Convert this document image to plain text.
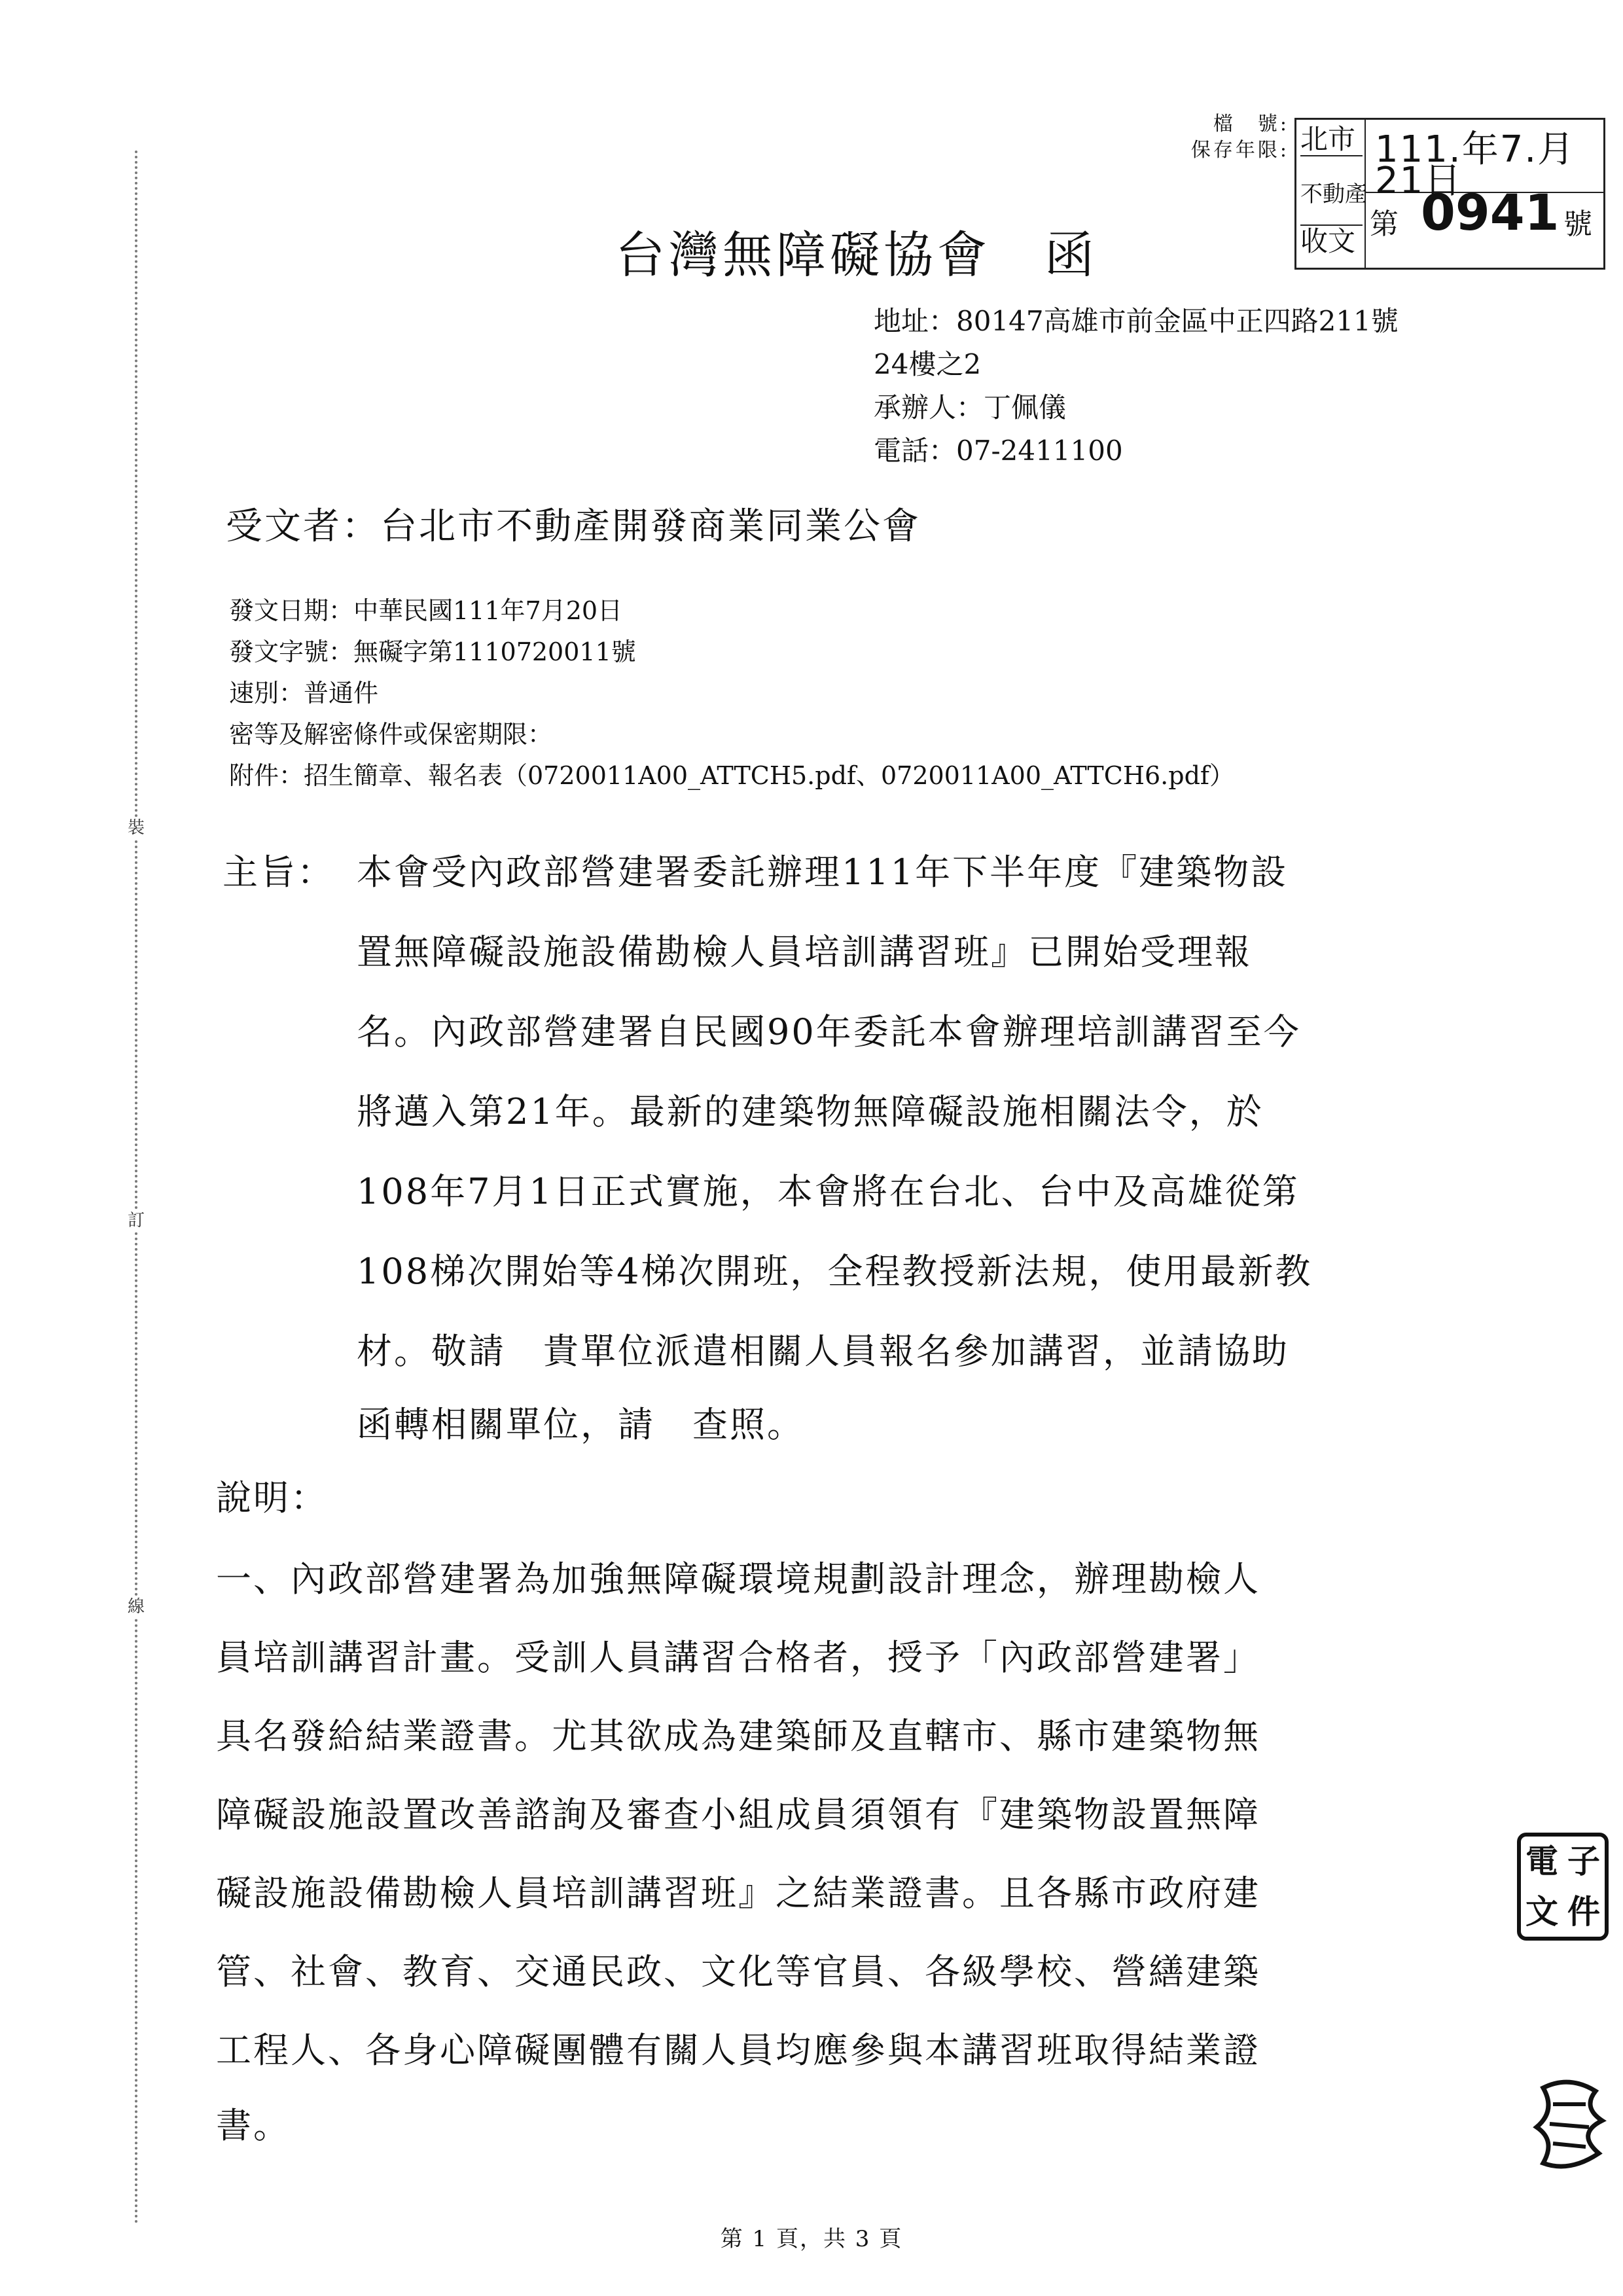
裝
訂
線
檔　號:
保存年限: 北市
不動產
收文
111.年7.月21日
第 0941 號
台灣無障礙協會　函
地址：80147高雄市前金區中正四路211號
24樓之2
承辦人：丁佩儀
電話：07-2411100
受文者：台北市不動產開發商業同業公會
發文日期：中華民國111年7月20日
發文字號：無礙字第1110720011號
速別：普通件
密等及解密條件或保密期限：
附件：招生簡章、報名表（0720011A00_ATTCH5.pdf、0720011A00_ATTCH6.pdf）
主旨： 本會受內政部營建署委託辦理111年下半年度『建築物設
置無障礙設施設備勘檢人員培訓講習班』已開始受理報
名。內政部營建署自民國90年委託本會辦理培訓講習至今
將邁入第21年。最新的建築物無障礙設施相關法令，於
108年7月1日正式實施，本會將在台北、台中及高雄從第
108梯次開始等4梯次開班，全程教授新法規，使用最新教
材。敬請　貴單位派遣相關人員報名參加講習，並請協助
函轉相關單位，請　查照。
說明：
一、內政部營建署為加強無障礙環境規劃設計理念，辦理勘檢人
員培訓講習計畫。受訓人員講習合格者，授予「內政部營建署」
具名發給結業證書。尤其欲成為建築師及直轄市、縣市建築物無
障礙設施設置改善諮詢及審查小組成員須領有『建築物設置無障
礙設施設備勘檢人員培訓講習班』之結業證書。且各縣市政府建
管、社會、教育、交通民政、文化等官員、各級學校、營繕建築
工程人、各身心障礙團體有關人員均應參與本講習班取得結業證
書。
電 子
文 件
第 1 頁，共 3 頁
